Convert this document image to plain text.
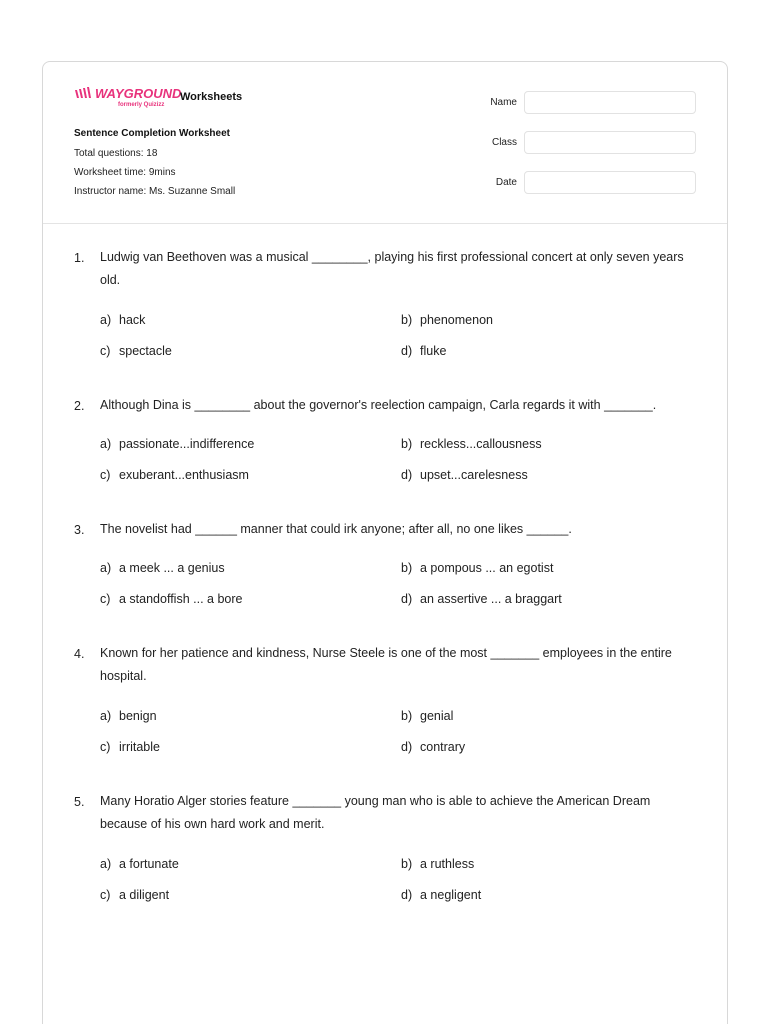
WAYGROUND
formerly Quizizz
Worksheets
Sentence Completion Worksheet
Total questions: 18
Worksheet time: 9mins
Instructor name: Ms. Suzanne Small
Name
Class
Date
1. Ludwig van Beethoven was a musical ________, playing his first professional concert at only seven years old.
a) hack	b) phenomenon
c) spectacle	d) fluke
2. Although Dina is ________ about the governor's reelection campaign, Carla regards it with _______.
a) passionate...indifference	b) reckless...callousness
c) exuberant...enthusiasm	d) upset...carelesness
3. The novelist had ______ manner that could irk anyone; after all, no one likes ______.
a) a meek ... a genius	b) a pompous ... an egotist
c) a standoffish ... a bore	d) an assertive ... a braggart
4. Known for her patience and kindness, Nurse Steele is one of the most _______ employees in the entire hospital.
a) benign	b) genial
c) irritable	d) contrary
5. Many Horatio Alger stories feature _______ young man who is able to achieve the American Dream because of his own hard work and merit.
a) a fortunate	b) a ruthless
c) a diligent	d) a negligent
